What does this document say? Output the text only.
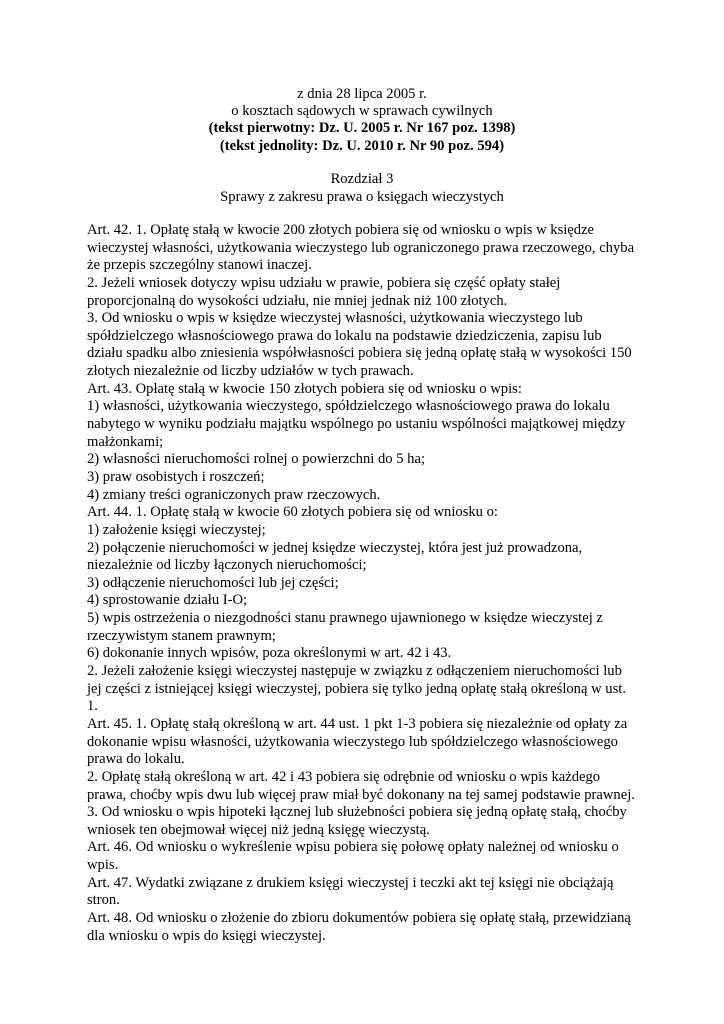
z dnia 28 lipca 2005 r.
o kosztach sądowych w sprawach cywilnych
(tekst pierwotny: Dz. U. 2005 r. Nr 167 poz. 1398)
(tekst jednolity: Dz. U. 2010 r. Nr 90 poz. 594)
Rozdział 3
Sprawy z zakresu prawa o księgach wieczystych
Art. 42. 1. Opłatę stałą w kwocie 200 złotych pobiera się od wniosku o wpis w księdze
wieczystej własności, użytkowania wieczystego lub ograniczonego prawa rzeczowego, chyba
że przepis szczególny stanowi inaczej.
2. Jeżeli wniosek dotyczy wpisu udziału w prawie, pobiera się część opłaty stałej
proporcjonalną do wysokości udziału, nie mniej jednak niż 100 złotych.
3. Od wniosku o wpis w księdze wieczystej własności, użytkowania wieczystego lub
spółdzielczego własnościowego prawa do lokalu na podstawie dziedziczenia, zapisu lub
działu spadku albo zniesienia współwłasności pobiera się jedną opłatę stałą w wysokości 150
złotych niezależnie od liczby udziałów w tych prawach.
Art. 43. Opłatę stałą w kwocie 150 złotych pobiera się od wniosku o wpis:
1) własności, użytkowania wieczystego, spółdzielczego własnościowego prawa do lokalu
nabytego w wyniku podziału majątku wspólnego po ustaniu wspólności majątkowej między
małżonkami;
2) własności nieruchomości rolnej o powierzchni do 5 ha;
3) praw osobistych i roszczeń;
4) zmiany treści ograniczonych praw rzeczowych.
Art. 44. 1. Opłatę stałą w kwocie 60 złotych pobiera się od wniosku o:
1) założenie księgi wieczystej;
2) połączenie nieruchomości w jednej księdze wieczystej, która jest już prowadzona,
niezależnie od liczby łączonych nieruchomości;
3) odłączenie nieruchomości lub jej części;
4) sprostowanie działu I-O;
5) wpis ostrzeżenia o niezgodności stanu prawnego ujawnionego w księdze wieczystej z
rzeczywistym stanem prawnym;
6) dokonanie innych wpisów, poza określonymi w art. 42 i 43.
2. Jeżeli założenie księgi wieczystej następuje w związku z odłączeniem nieruchomości lub
jej części z istniejącej księgi wieczystej, pobiera się tylko jedną opłatę stałą określoną w ust.
1.
Art. 45. 1. Opłatę stałą określoną w art. 44 ust. 1 pkt 1-3 pobiera się niezależnie od opłaty za
dokonanie wpisu własności, użytkowania wieczystego lub spółdzielczego własnościowego
prawa do lokalu.
2. Opłatę stałą określoną w art. 42 i 43 pobiera się odrębnie od wniosku o wpis każdego
prawa, choćby wpis dwu lub więcej praw miał być dokonany na tej samej podstawie prawnej.
3. Od wniosku o wpis hipoteki łącznej lub służebności pobiera się jedną opłatę stałą, choćby
wniosek ten obejmował więcej niż jedną księgę wieczystą.
Art. 46. Od wniosku o wykreślenie wpisu pobiera się połowę opłaty należnej od wniosku o
wpis.
Art. 47. Wydatki związane z drukiem księgi wieczystej i teczki akt tej księgi nie obciążają
stron.
Art. 48. Od wniosku o złożenie do zbioru dokumentów pobiera się opłatę stałą, przewidzianą
dla wniosku o wpis do księgi wieczystej.
